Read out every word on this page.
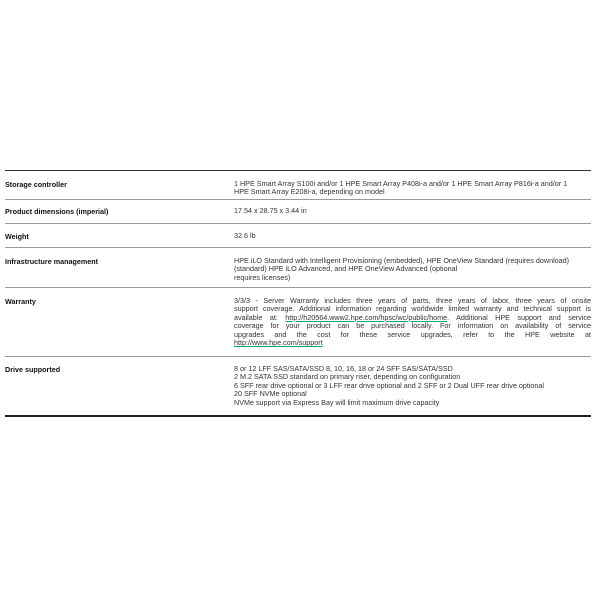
Storage controller	1 HPE Smart Array S100i and/or 1 HPE Smart Array P408i-a and/or 1 HPE Smart Array P816i-a and/or 1
HPE Smart Array E208i-a, depending on model
Product dimensions (imperial)	17.54 x 28.75 x 3.44 in
Weight	32.6 lb
Infrastructure management	HPE iLO Standard with Intelligent Provisioning (embedded), HPE OneView Standard (requires download)
(standard) HPE iLO Advanced, and HPE OneView Advanced (optional
requires licenses)
Warranty	3/3/3 - Server Warranty includes three years of parts, three years of labor, three years of onsite
support coverage. Additional information regarding worldwide limited warranty and technical support is
available at: http://h20564.www2.hpe.com/hpsc/wc/public/home. Additional HPE support and service
coverage for your product can be purchased locally. For information on availability of service
upgrades and the cost for these service upgrades, refer to the HPE website at
http://www.hpe.com/support
Drive supported	8 or 12 LFF SAS/SATA/SSD 8, 10, 16, 18 or 24 SFF SAS/SATA/SSD
2 M.2 SATA SSD standard on primary riser, depending on configuration
6 SFF rear drive optional or 3 LFF rear drive optional and 2 SFF or 2 Dual UFF rear drive optional
20 SFF NVMe optional
NVMe support via Express Bay will limit maximum drive capacity
